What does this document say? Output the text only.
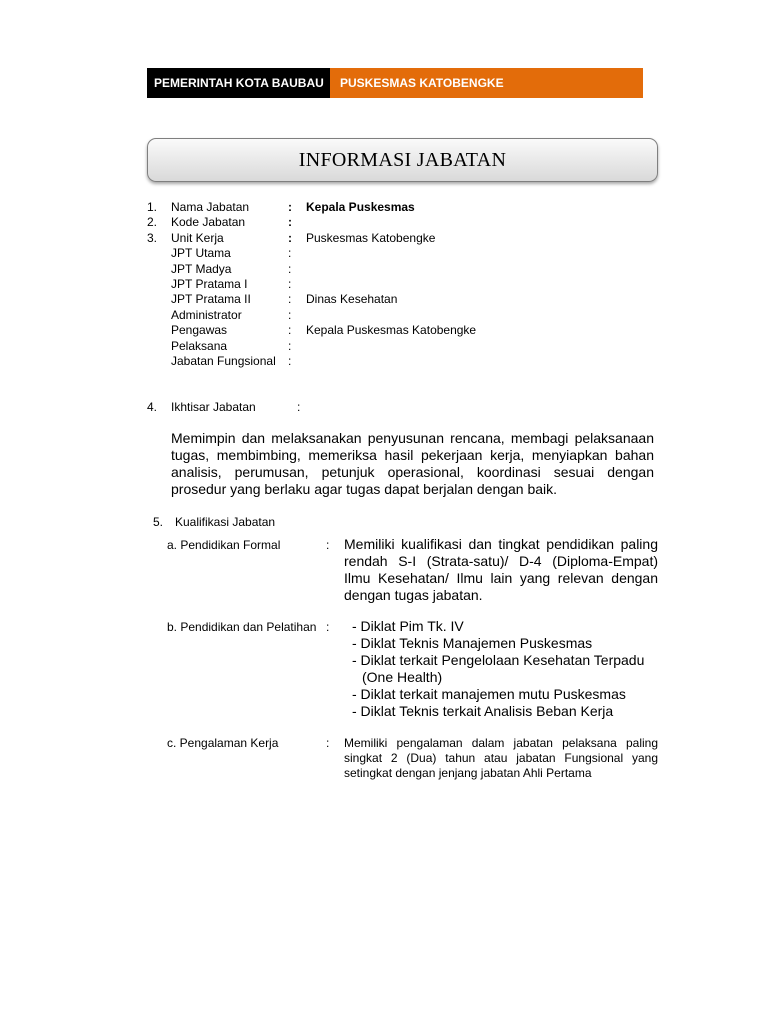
PEMERINTAH KOTA BAUBAU	PUSKESMAS KATOBENGKE
INFORMASI JABATAN
1.	Nama Jabatan	:	Kepala Puskesmas
2.	Kode Jabatan	:
3.	Unit Kerja	:	Puskesmas Katobengke
JPT Utama	:
JPT Madya	:
JPT Pratama I	:
JPT Pratama II	:	Dinas Kesehatan
Administrator	:
Pengawas	:	Kepala Puskesmas Katobengke
Pelaksana	:
Jabatan Fungsional	:
4.	Ikhtisar Jabatan	:
Memimpin dan melaksanakan penyusunan rencana, membagi pelaksanaan tugas, membimbing, memeriksa hasil pekerjaan kerja, menyiapkan bahan analisis, perumusan, petunjuk operasional, koordinasi sesuai dengan prosedur yang berlaku agar tugas dapat berjalan dengan baik.
5. Kualifikasi Jabatan
a. Pendidikan Formal	: Memiliki kualifikasi dan tingkat pendidikan paling rendah S-I (Strata-satu)/ D-4 (Diploma-Empat) Ilmu Kesehatan/ Ilmu lain yang relevan dengan dengan tugas jabatan.
b. Pendidikan dan Pelatihan : - Diklat Pim Tk. IV
- Diklat Teknis Manajemen Puskesmas
- Diklat terkait Pengelolaan Kesehatan Terpadu (One Health)
- Diklat terkait manajemen mutu Puskesmas
- Diklat Teknis terkait Analisis Beban Kerja
c. Pengalaman Kerja	: Memiliki pengalaman dalam jabatan pelaksana paling singkat 2 (Dua) tahun atau jabatan Fungsional yang setingkat dengan jenjang jabatan Ahli Pertama
